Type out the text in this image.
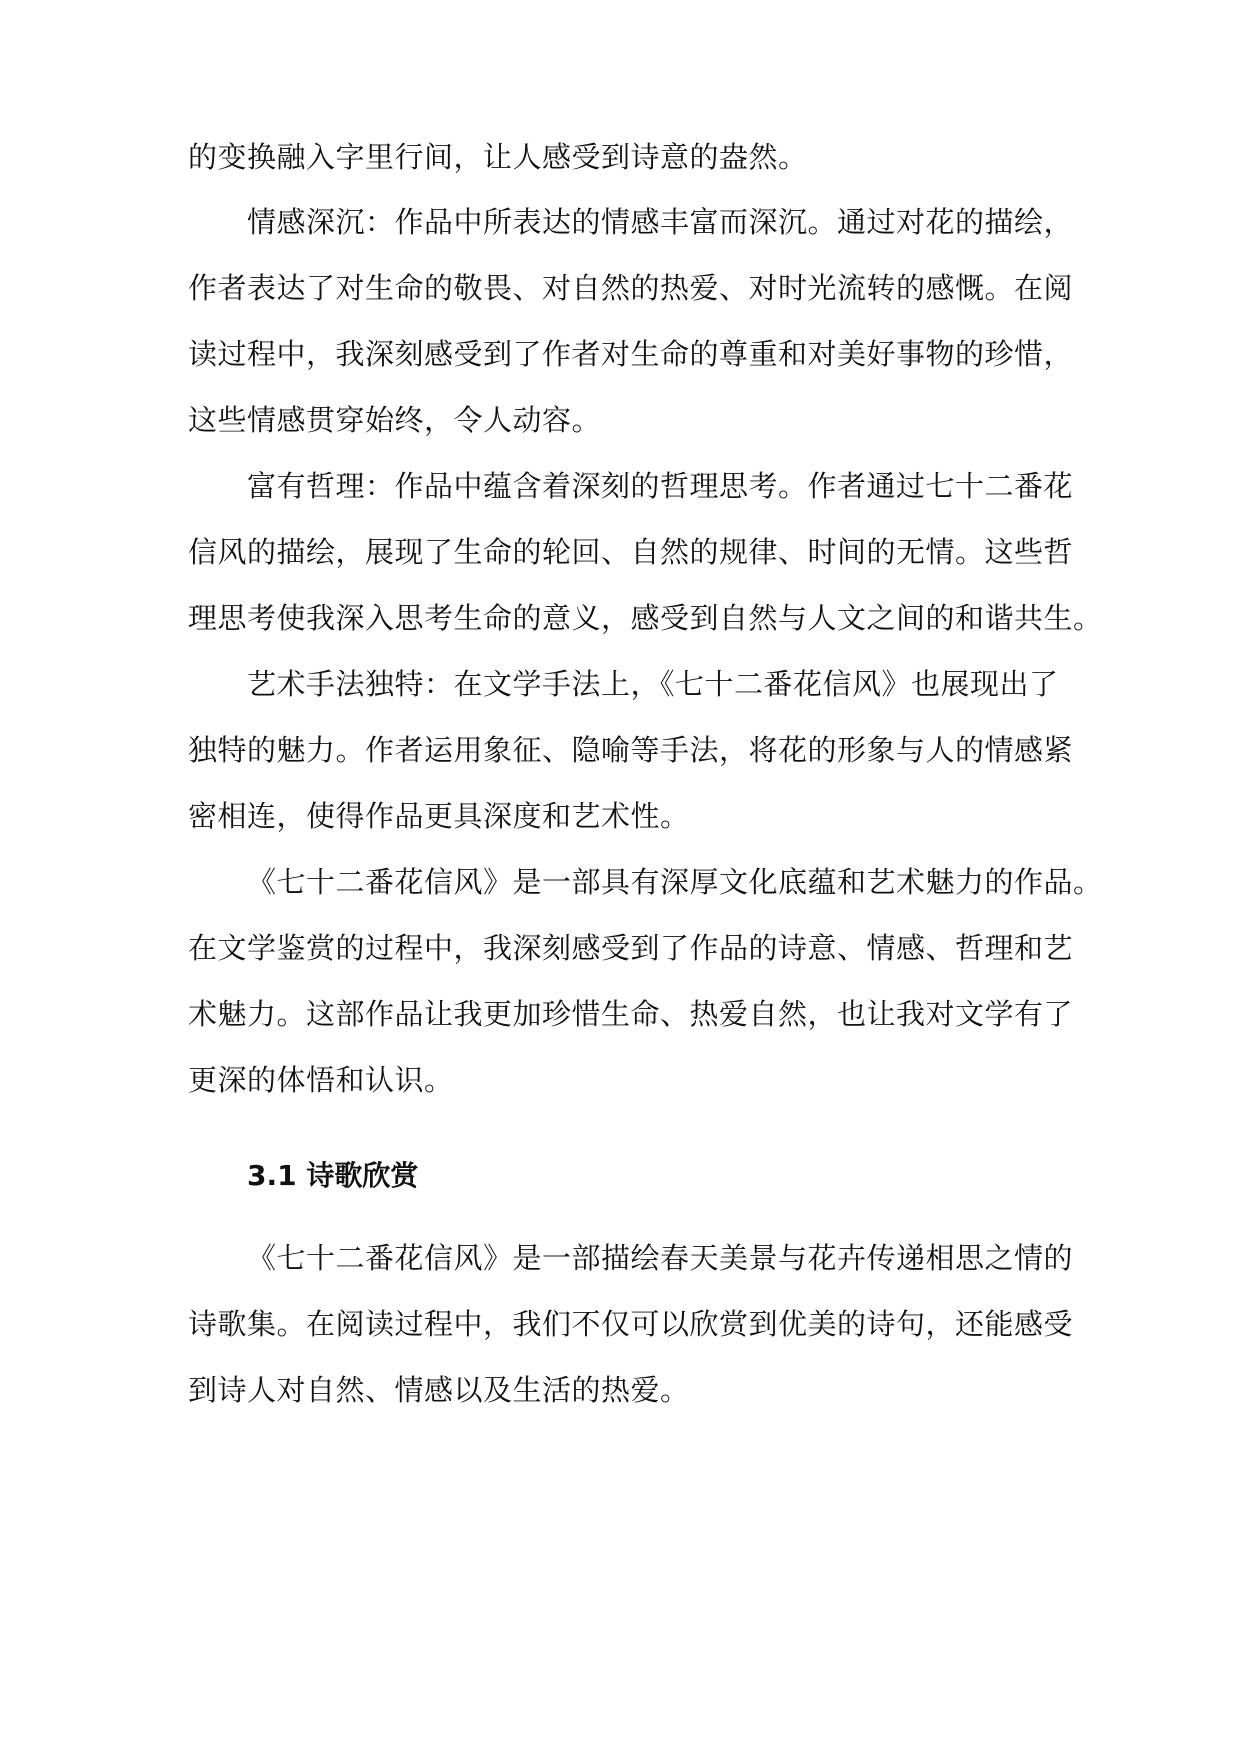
的变换融入字里行间，让人感受到诗意的盎然。
情感深沉：作品中所表达的情感丰富而深沉。通过对花的描绘，
作者表达了对生命的敬畏、对自然的热爱、对时光流转的感慨。在阅
读过程中，我深刻感受到了作者对生命的尊重和对美好事物的珍惜，
这些情感贯穿始终，令人动容。
富有哲理：作品中蕴含着深刻的哲理思考。作者通过七十二番花
信风的描绘，展现了生命的轮回、自然的规律、时间的无情。这些哲
理思考使我深入思考生命的意义，感受到自然与人文之间的和谐共生。
艺术手法独特：在文学手法上，《七十二番花信风》也展现出了
独特的魅力。作者运用象征、隐喻等手法，将花的形象与人的情感紧
密相连，使得作品更具深度和艺术性。
《七十二番花信风》是一部具有深厚文化底蕴和艺术魅力的作品。
在文学鉴赏的过程中，我深刻感受到了作品的诗意、情感、哲理和艺
术魅力。这部作品让我更加珍惜生命、热爱自然，也让我对文学有了
更深的体悟和认识。
3.1 诗歌欣赏
《七十二番花信风》是一部描绘春天美景与花卉传递相思之情的
诗歌集。在阅读过程中，我们不仅可以欣赏到优美的诗句，还能感受
到诗人对自然、情感以及生活的热爱。
